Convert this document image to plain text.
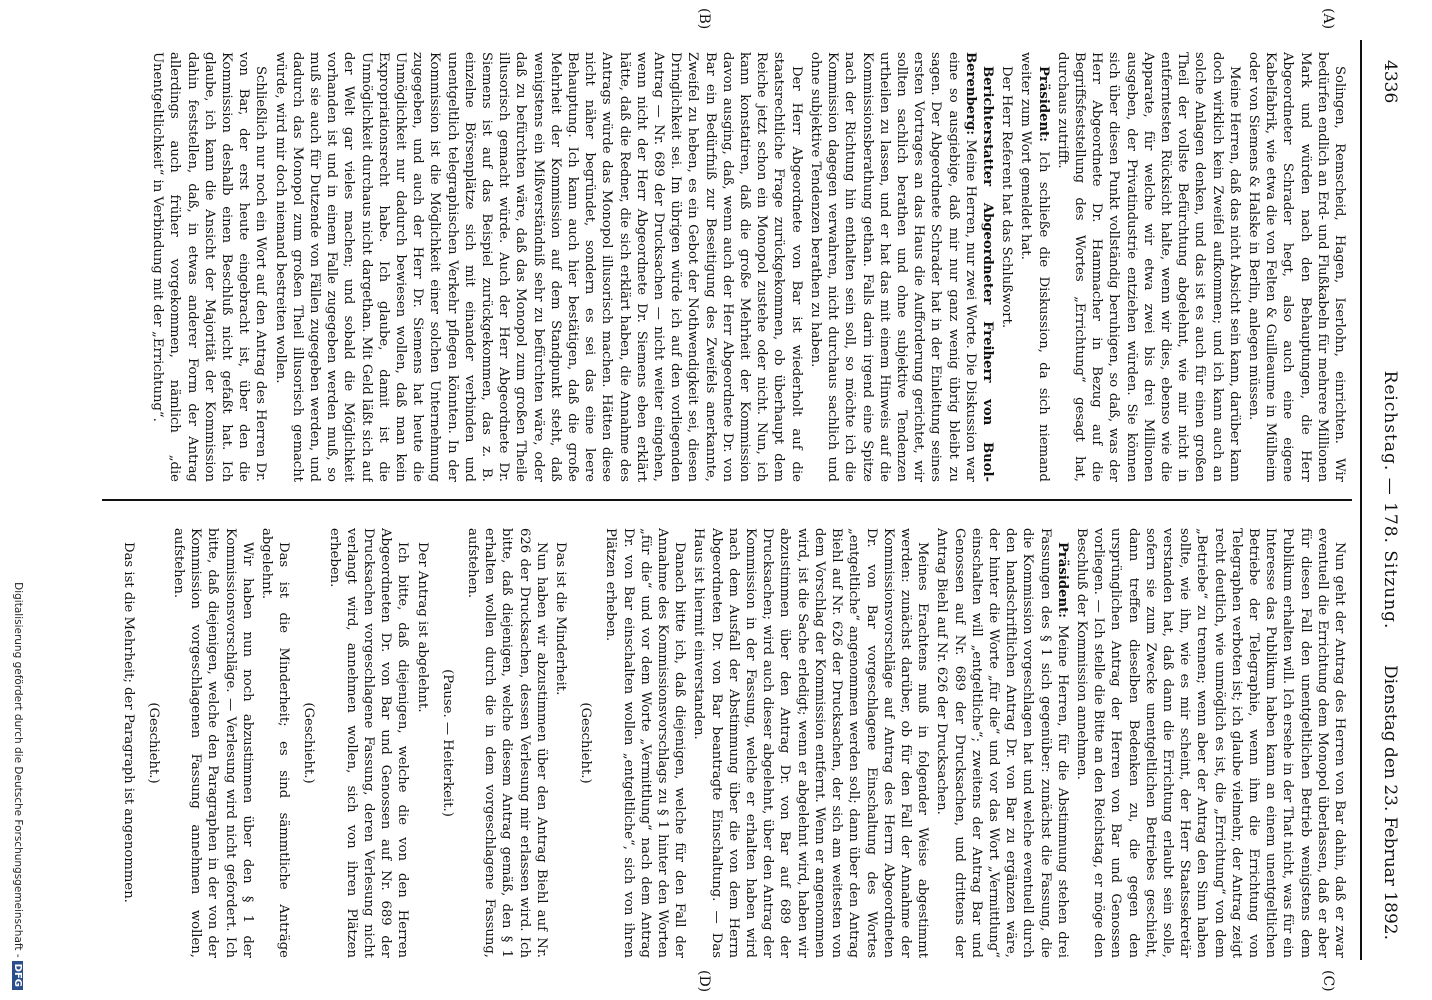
4336
Reichstag. — 178. Sitzung.
Dienstag den 23. Februar 1892.
(A)
(B)
(C)
(D)

Solingen, Remscheid, Hagen, Iserlohn, einrichten. Wir bedürfen endlich an Erd- und Flußkabeln für mehrere Millionen Mark und würden nach den Behauptungen, die Herr Abgeordneter Schrader hegt, also auch eine eigene Kabelfabrik, wie etwa die von Felten & Guilleaume in Mülheim oder von Siemens & Halske in Berlin, anlegen müssen.

Meine Herren, daß das nicht Absicht sein kann, darüber kann doch wirklich kein Zweifel aufkommen; und ich kann auch an solche Anlagen denken, und das ist es auch für einen großen Theil der vollste Befürchtung abgelehnt, wie mir nicht in entferntesten Rücksicht halte, wenn wir dies, ebenso wie die Apparate, für welche wir etwa zwei bis drei Millionen ausgeben, der Privatindustrie entziehen würden. Sie können sich über diesen Punkt vollständig beruhigen, so daß, was der Herr Abgeordnete Dr. Hammacher in Bezug auf die Begriffsfeststellung des Wortes „Errichtung“ gesagt hat, durchaus zutrifft.

Präsident: Ich schließe die Diskussion, da sich niemand weiter zum Wort gemeldet hat.

Der Herr Referent hat das Schlußwort.

Berichterstatter Abgeordneter Freiherr von Buol-Berenberg: Meine Herren, nur zwei Worte. Die Diskussion war eine so ausgiebige, daß mir nur ganz wenig übrig bleibt zu sagen. Der Abgeordnete Schrader hat in der Einleitung seines ersten Vortrages an das Haus die Aufforderung gerichtet, wir sollten sachlich berathen und ohne subjektive Tendenzen urtheilen zu lassen, und er hat das mit einem Hinweis auf die Kommissionsberathung gethan. Falls darin irgend eine Spitze nach der Richtung hin enthalten sein soll, so möchte ich die Kommission dagegen verwahren, nicht durchaus sachlich und ohne subjektive Tendenzen berathen zu haben.

Der Herr Abgeordnete von Bar ist wiederholt auf die staatsrechtliche Frage zurückgekommen, ob überhaupt dem Reiche jetzt schon ein Monopol zustehe oder nicht. Nun, ich kann konstatiren, daß die große Mehrheit der Kommission davon ausging, daß, wenn auch der Herr Abgeordnete Dr. von Bar ein Bedürfniß zur Beseitigung des Zweifels anerkannte, Zweifel zu heben, es ein Gebot der Nothwendigkeit sei, diesen Dringlichkeit sei. Im übrigen würde ich auf den vorliegenden Antrag — Nr. 689 der Drucksachen — nicht weiter eingehen, wenn nicht der Herr Abgeordnete Dr. Siemens eben erklärt hätte, daß die Redner, die sich erklärt haben, die Annahme des Antrags würde das Monopol illusorisch machen. Hätten diese nicht näher begründet, sondern es sei das eine leere Behauptung. Ich kann auch hier bestätigen, daß die große Mehrheit der Kommission auf dem Standpunkt steht, daß wenigstens ein Mißverständniß sehr zu befürchten wäre, oder daß zu befürchten wäre, daß das Monopol zum großen Theile illusorisch gemacht würde. Auch der Herr Abgeordnete Dr. Siemens ist auf das Beispiel zurückgekommen, das z. B. einzelne Börsenplätze sich mit einander verbinden und unentgeltlich telegraphischen Verkehr pflegen könnten. In der Kommission ist die Möglichkeit einer solchen Unternehmung zugegeben, und auch der Herr Dr. Siemens hat heute die Unmöglichkeit nur dadurch bewiesen wollen, daß man kein Expropriationsrecht habe. Ich glaube, damit ist die Unmöglichkeit durchaus nicht dargethan. Mit Geld läßt sich auf der Welt gar vieles machen; und sobald die Möglichkeit vorhanden ist und in einem Falle zugegeben werden muß, so muß sie auch für Dutzende von Fällen zugegeben werden, und dadurch das Monopol zum großen Theil illusorisch gemacht würde, wird mir doch niemand bestreiten wollen.

Schließlich nur noch ein Wort auf den Antrag des Herren Dr. von Bar, der erst heute eingebracht ist, über den die Kommission deshalb einen Beschluß nicht gefaßt hat. Ich glaube, ich kann die Ansicht der Majorität der Kommission dahin feststellen, daß, in etwas anderer Form der Antrag allerdings auch früher vorgekommen, nämlich „die Unentgeltlichkeit“ in Verbindung mit der „Errichtung“.

Nun geht der Antrag des Herren von Bar dahin, daß er zwar eventuell die Errichtung dem Monopol überlassen, daß er aber für diesen Fall den unentgeltlichen Betrieb wenigstens dem Publikum erhalten will. Ich ersehe in der That nicht, was für ein Interesse das Publikum haben kann an einem unentgeltlichen Betriebe der Telegraphie, wenn ihm die Errichtung von Telegraphen verboten ist; ich glaube vielmehr, der Antrag zeigt recht deutlich, wie unmöglich es ist, die „Errichtung“ von dem „Betriebe“ zu trennen; wenn aber der Antrag den Sinn haben sollte, wie ihn, wie es mir scheint, der Herr Staatssekretär verstanden hat, daß dann die Errichtung erlaubt sein solle, sofern sie zum Zwecke unentgeltlichen Betriebes geschieht, dann treffen dieselben Bedenken zu, die gegen den ursprünglichen Antrag der Herren von Bar und Genossen vorliegen. — Ich stelle die Bitte an den Reichstag, er möge den Beschluß der Kommission annehmen.

Präsident: Meine Herren, für die Abstimmung stehen drei Fassungen des § 1 sich gegenüber: zunächst die Fassung, die die Kommission vorgeschlagen hat und welche eventuell durch den handschriftlichen Antrag Dr. von Bar zu ergänzen wäre, der hinter die Worte „für die“ und vor das Wort „Vermittlung“ einschalten will „entgeltliche“; zweitens der Antrag Bar und Genossen auf Nr. 689 der Drucksachen, und drittens der Antrag Biehl auf Nr. 626 der Drucksachen.

Meines Erachtens muß in folgender Weise abgestimmt werden: zunächst darüber, ob für den Fall der Annahme der Kommissionsvorschläge auf Antrag des Herrn Abgeordneten Dr. von Bar vorgeschlagene Einschaltung des Wortes „entgeltliche“ angenommen werden soll; dann über den Antrag Biehl auf Nr. 626 der Drucksachen, der sich am weitesten von dem Vorschlag der Kommission entfernt. Wenn er angenommen wird, ist die Sache erledigt; wenn er abgelehnt wird, haben wir abzustimmen über den Antrag Dr. von Bar auf 689 der Drucksachen; wird auch dieser abgelehnt, über den Antrag der Kommission in der Fassung, welche er erhalten haben wird nach dem Ausfall der Abstimmung über die von dem Herrn Abgeordneten Dr. von Bar beantragte Einschaltung. — Das Haus ist hiermit einverstanden.

Danach bitte ich, daß diejenigen, welche für den Fall der Annahme des Kommissionsvorschlags zu § 1 hinter den Worten „für die“ und vor dem Worte „Vermittlung“ nach dem Antrag Dr. von Bar einschalten wollen „entgeltliche“, sich von ihren Plätzen erheben.

(Geschieht.)

Das ist die Minderheit.

Nun haben wir abzustimmen über den Antrag Biehl auf Nr. 626 der Drucksachen, dessen Verlesung mir erlassen wird. Ich bitte, daß diejenigen, welche diesem Antrag gemäß, den § 1 erhalten wollen durch die in dem vorgeschlagene Fassung, aufstehen.

(Pause. — Heiterkeit.)

Der Antrag ist abgelehnt.

Ich bitte, daß diejenigen, welche die von den Herren Abgeordneten Dr. von Bar und Genossen auf Nr. 689 der Drucksachen vorgeschlagene Fassung, deren Verlesung nicht verlangt wird, annehmen wollen, sich von ihren Plätzen erheben.

(Geschieht.)

Das ist die Minderheit; es sind sämmtliche Anträge abgelehnt.

Wir haben nun noch abzustimmen über den § 1 der Kommissionsvorschläge. — Verlesung wird nicht gefordert. Ich bitte, daß diejenigen, welche den Paragraphen in der von der Kommission vorgeschlagenen Fassung annehmen wollen, aufstehen.

(Geschieht.)

Das ist die Mehrheit; der Paragraph ist angenommen.

Digitalisierung gefördert durch die Deutsche Forschungsgemeinschaft -DFG
